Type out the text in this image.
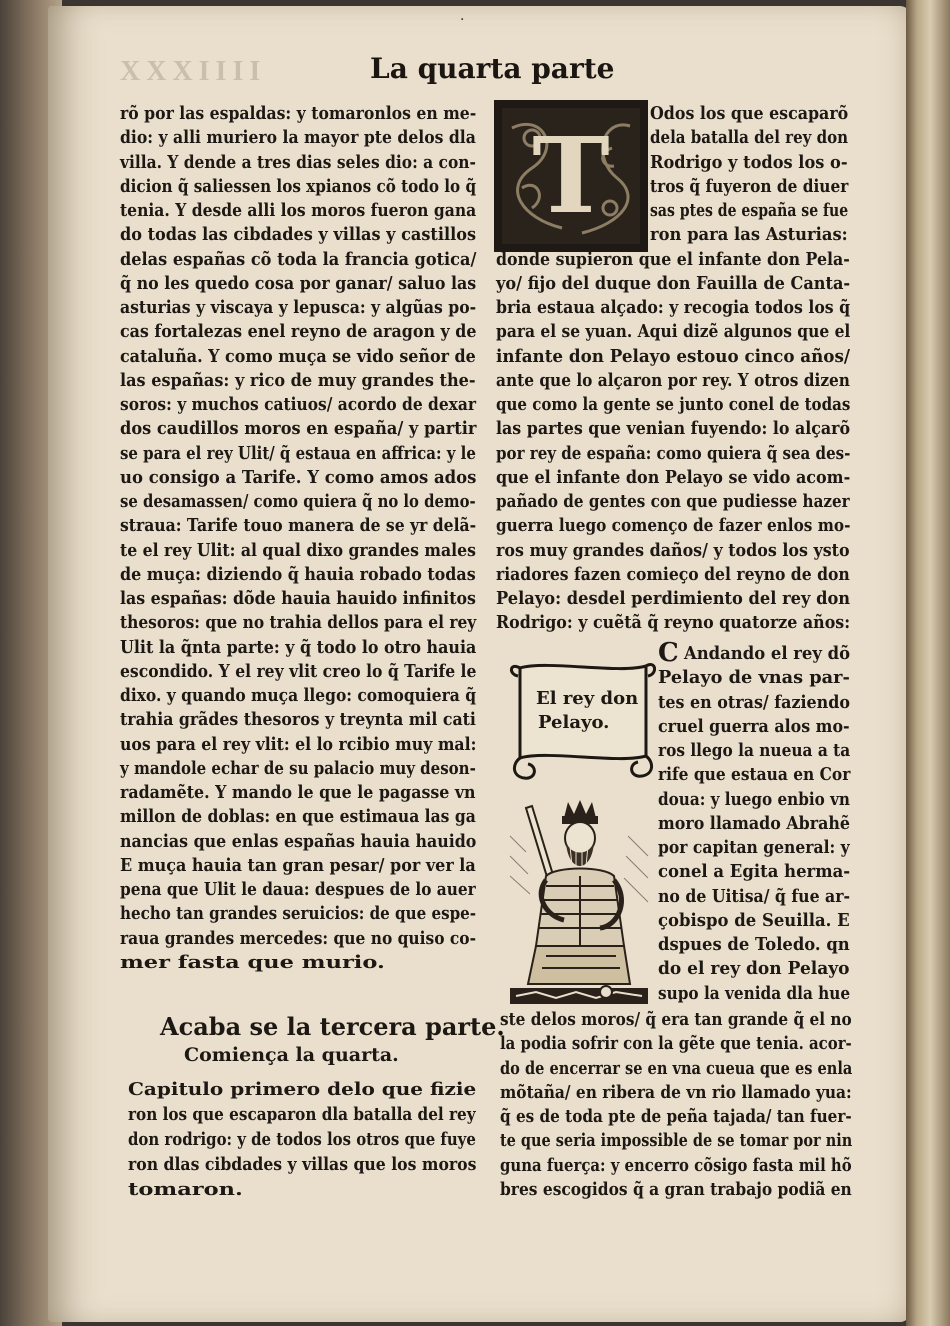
XXXIIII
·
La quarta parte
rõ por las espaldas: y tomaronlos en me-
dio: y alli muriero la mayor pte delos dla
villa. Y dende a tres dias seles dio: a con-
dicion q̃ saliessen los xpianos cõ todo lo q̃
tenia. Y desde alli los moros fueron gana
do todas las cibdades y villas y castillos
delas españas cõ toda la francia gotica/
q̃ no les quedo cosa por ganar/ saluo las
asturias y viscaya y lepusca: y algũas po-
cas fortalezas enel reyno de aragon y de
cataluña. Y como muça se vido señor de
las españas: y rico de muy grandes the-
soros: y muchos catiuos/ acordo de dexar
dos caudillos moros en españa/ y partir
se para el rey Ulit/ q̃ estaua en affrica: y le
uo consigo a Tarife. Y como amos ados
se desamassen/ como quiera q̃ no lo demo-
straua: Tarife touo manera de se yr delã-
te el rey Ulit: al qual dixo grandes males
de muça: diziendo q̃ hauia robado todas
las españas: dõde hauia hauido infinitos
thesoros: que no trahia dellos para el rey
Ulit la q̃nta parte: y q̃ todo lo otro hauia
escondido. Y el rey vlit creo lo q̃ Tarife le
dixo. y quando muça llego: comoquiera q̃
trahia grãdes thesoros y treynta mil cati
uos para el rey vlit: el lo rcibio muy mal:
y mandole echar de su palacio muy deson-
radamẽte. Y mando le que le pagasse vn
millon de doblas: en que estimaua las ga
nancias que enlas españas hauia hauido
E muça hauia tan gran pesar/ por ver la
pena que Ulit le daua: despues de lo auer
hecho tan grandes seruicios: de que espe-
raua grandes mercedes: que no quiso co-
mer fasta que murio.
Acaba se la tercera parte.
Comiença la quarta.
Capitulo primero delo que fizie
ron los que escaparon dla batalla del rey
don rodrigo: y de todos los otros que fuye
ron dlas cibdades y villas que los moros
tomaron.
T
Odos los que escaparõ
dela batalla del rey don
Rodrigo y todos los o-
tros q̃ fuyeron de diuer
sas ptes de españa se fue
ron para las Asturias:
donde supieron que el infante don Pela-
yo/ fijo del duque don Fauilla de Canta-
bria estaua alçado: y recogia todos los q̃
para el se yuan. Aqui dizẽ algunos que el
infante don Pelayo estouo cinco años/
ante que lo alçaron por rey. Y otros dizen
que como la gente se junto conel de todas
las partes que venian fuyendo: lo alçarõ
por rey de españa: como quiera q̃ sea des-
que el infante don Pelayo se vido acom-
pañado de gentes con que pudiesse hazer
guerra luego començo de fazer enlos mo-
ros muy grandes daños/ y todos los ysto
riadores fazen comieço del reyno de don
Pelayo: desdel perdimiento del rey don
Rodrigo: y cuẽtã q̃ reyno quatorze años:
C Andando el rey dõ
Pelayo de vnas par-
tes en otras/ faziendo
cruel guerra alos mo-
ros llego la nueua a ta
rife que estaua en Cor
doua: y luego enbio vn
moro llamado Abrahẽ
por capitan general: y
conel a Egita herma-
no de Uitisa/ q̃ fue ar-
çobispo de Seuilla. E
dspues de Toledo. qn
do el rey don Pelayo
supo la venida dla hue
El rey don
Pelayo.
ste delos moros/ q̃ era tan grande q̃ el no
la podia sofrir con la gẽte que tenia. acor-
do de encerrar se en vna cueua que es enla
mõtaña/ en ribera de vn rio llamado yua:
q̃ es de toda pte de peña tajada/ tan fuer-
te que seria impossible de se tomar por nin
guna fuerça: y encerro cõsigo fasta mil hõ
bres escogidos q̃ a gran trabajo podiã en
